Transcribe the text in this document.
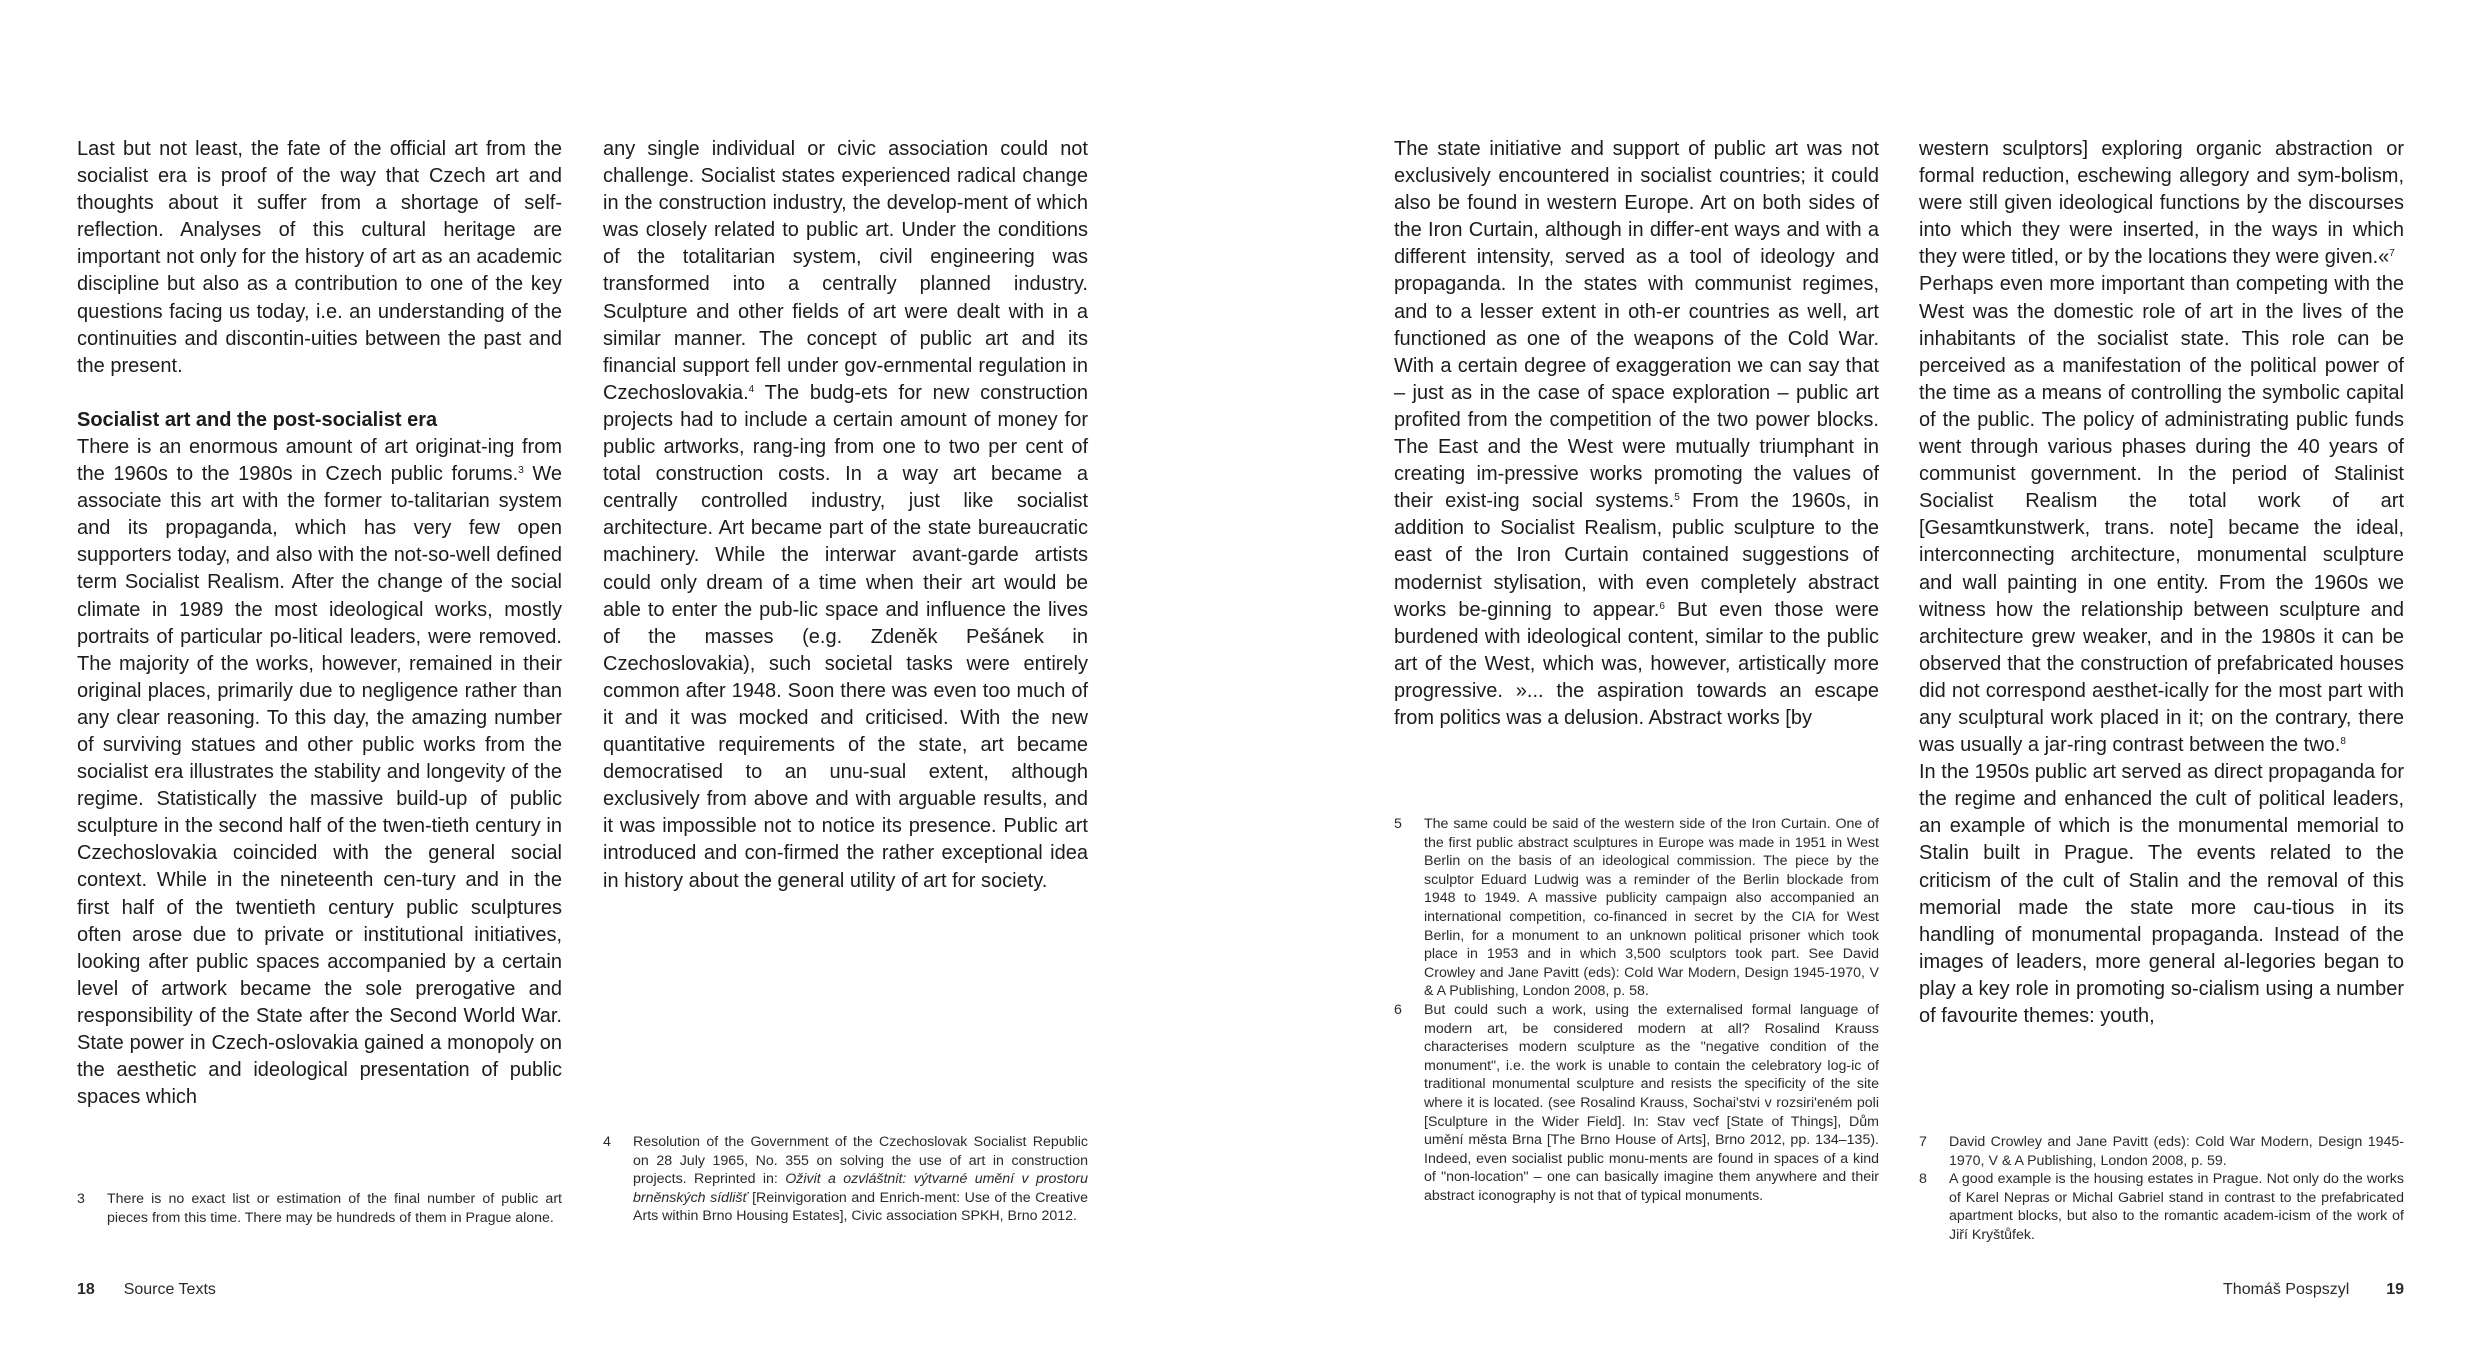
Last but not least, the fate of the official art from the socialist era is proof of the way that Czech art and thoughts about it suffer from a shortage of self-reflection. Analyses of this cultural heritage are important not only for the history of art as an academic discipline but also as a contribution to one of the key questions facing us today, i.e. an understanding of the continuities and discontin-uities between the past and the present.

Socialist art and the post-socialist era

There is an enormous amount of art originat-ing from the 1960s to the 1980s in Czech public forums.$^3$ We associate this art with the former to-talitarian system and its propaganda, which has very few open supporters today, and also with the not-so-well defined term Socialist Realism. After the change of the social climate in 1989 the most ideological works, mostly portraits of particular po-litical leaders, were removed. The majority of the works, however, remained in their original places, primarily due to negligence rather than any clear reasoning. To this day, the amazing number of surviving statues and other public works from the socialist era illustrates the stability and longevity of the regime. Statistically the massive build-up of public sculpture in the second half of the twen-tieth century in Czechoslovakia coincided with the general social context. While in the nineteenth cen-tury and in the first half of the twentieth century public sculptures often arose due to private or institutional initiatives, looking after public spaces accompanied by a certain level of artwork became the sole prerogative and responsibility of the State after the Second World War. State power in Czech-oslovakia gained a monopoly on the aesthetic and ideological presentation of public spaces which

any single individual or civic association could not challenge. Socialist states experienced radical change in the construction industry, the develop-ment of which was closely related to public art. Under the conditions of the totalitarian system, civil engineering was transformed into a centrally planned industry. Sculpture and other fields of art were dealt with in a similar manner. The concept of public art and its financial support fell under gov-ernmental regulation in Czechoslovakia.$^4$ The budg-ets for new construction projects had to include a certain amount of money for public artworks, rang-ing from one to two per cent of total construction costs. In a way art became a centrally controlled industry, just like socialist architecture. Art became part of the state bureaucratic machinery. While the interwar avant-garde artists could only dream of a time when their art would be able to enter the pub-lic space and influence the lives of the masses (e.g. Zdeněk Pešánek in Czechoslovakia), such societal tasks were entirely common after 1948. Soon there was even too much of it and it was mocked and criticised. With the new quantitative requirements of the state, art became democratised to an unu-sual extent, although exclusively from above and with arguable results, and it was impossible not to notice its presence. Public art introduced and con-firmed the rather exceptional idea in history about the general utility of art for society.

3	There is no exact list or estimation of the final number of public art pieces from this time. There may be hundreds of them in Prague alone.
4	Resolution of the Government of the Czechoslovak Socialist Republic on 28 July 1965, No. 355 on solving the use of art in construction projects. Reprinted in: Oživit a ozvláštnit: výtvarné umění v prostoru brněnských sídlišť [Reinvigoration and Enrich-ment: Use of the Creative Arts within Brno Housing Estates], Civic association SPKH, Brno 2012.
18 Source Texts

The state initiative and support of public art was not exclusively encountered in socialist countries; it could also be found in western Europe. Art on both sides of the Iron Curtain, although in differ-ent ways and with a different intensity, served as a tool of ideology and propaganda. In the states with communist regimes, and to a lesser extent in oth-er countries as well, art functioned as one of the weapons of the Cold War. With a certain degree of exaggeration we can say that – just as in the case of space exploration – public art profited from the competition of the two power blocks. The East and the West were mutually triumphant in creating im-pressive works promoting the values of their exist-ing social systems.$^5$ From the 1960s, in addition to Socialist Realism, public sculpture to the east of the Iron Curtain contained suggestions of modernist stylisation, with even completely abstract works be-ginning to appear.$^6$ But even those were burdened with ideological content, similar to the public art of the West, which was, however, artistically more progressive. »... the aspiration towards an escape from politics was a delusion. Abstract works [by

western sculptors] exploring organic abstraction or formal reduction, eschewing allegory and sym-bolism, were still given ideological functions by the discourses into which they were inserted, in the ways in which they were titled, or by the locations they were given.«$^7$

Perhaps even more important than competing with the West was the domestic role of art in the lives of the inhabitants of the socialist state. This role can be perceived as a manifestation of the political power of the time as a means of controlling the symbolic capital of the public. The policy of administrating public funds went through various phases during the 40 years of communist government. In the period of Stalinist Socialist Realism the total work of art [Gesamtkunstwerk, trans. note] became the ideal, interconnecting architecture, monumental sculpture and wall painting in one entity. From the 1960s we witness how the relationship between sculpture and architecture grew weaker, and in the 1980s it can be observed that the construction of prefabricated houses did not correspond aesthet-ically for the most part with any sculptural work placed in it; on the contrary, there was usually a jar-ring contrast between the two.$^8$

In the 1950s public art served as direct propaganda for the regime and enhanced the cult of political leaders, an example of which is the monumental memorial to Stalin built in Prague. The events related to the criticism of the cult of Stalin and the removal of this memorial made the state more cau-tious in its handling of monumental propaganda. Instead of the images of leaders, more general al-legories began to play a key role in promoting so-cialism using a number of favourite themes: youth,

5	The same could be said of the western side of the Iron Curtain. One of the first public abstract sculptures in Europe was made in 1951 in West Berlin on the basis of an ideological commission. The piece by the sculptor Eduard Ludwig was a reminder of the Berlin blockade from 1948 to 1949. A massive publicity campaign also accompanied an international competition, co-financed in secret by the CIA for West Berlin, for a monument to an unknown political prisoner which took place in 1953 and in which 3,500 sculptors took part. See David Crowley and Jane Pavitt (eds): Cold War Modern, Design 1945-1970, V & A Publishing, London 2008, p. 58.
6	But could such a work, using the externalised formal language of modern art, be considered modern at all? Rosalind Krauss characterises modern sculpture as the "negative condition of the monument", i.e. the work is unable to contain the celebratory log-ic of traditional monumental sculpture and resists the specificity of the site where it is located. (see Rosalind Krauss, Sochai'stvi v rozsiri'eném poli [Sculpture in the Wider Field]. In: Stav vecf [State of Things], Dům umění města Brna [The Brno House of Arts], Brno 2012, pp. 134–135). Indeed, even socialist public monu-ments are found in spaces of a kind of "non-location" – one can basically imagine them anywhere and their abstract iconography is not that of typical monuments.
7	David Crowley and Jane Pavitt (eds): Cold War Modern, Design 1945-1970, V & A Publishing, London 2008, p. 59.
8	A good example is the housing estates in Prague. Not only do the works of Karel Nepras or Michal Gabriel stand in contrast to the prefabricated apartment blocks, but also to the romantic academ-icism of the work of Jiří Kryštůfek.
Thomáš Pospszyl 19
